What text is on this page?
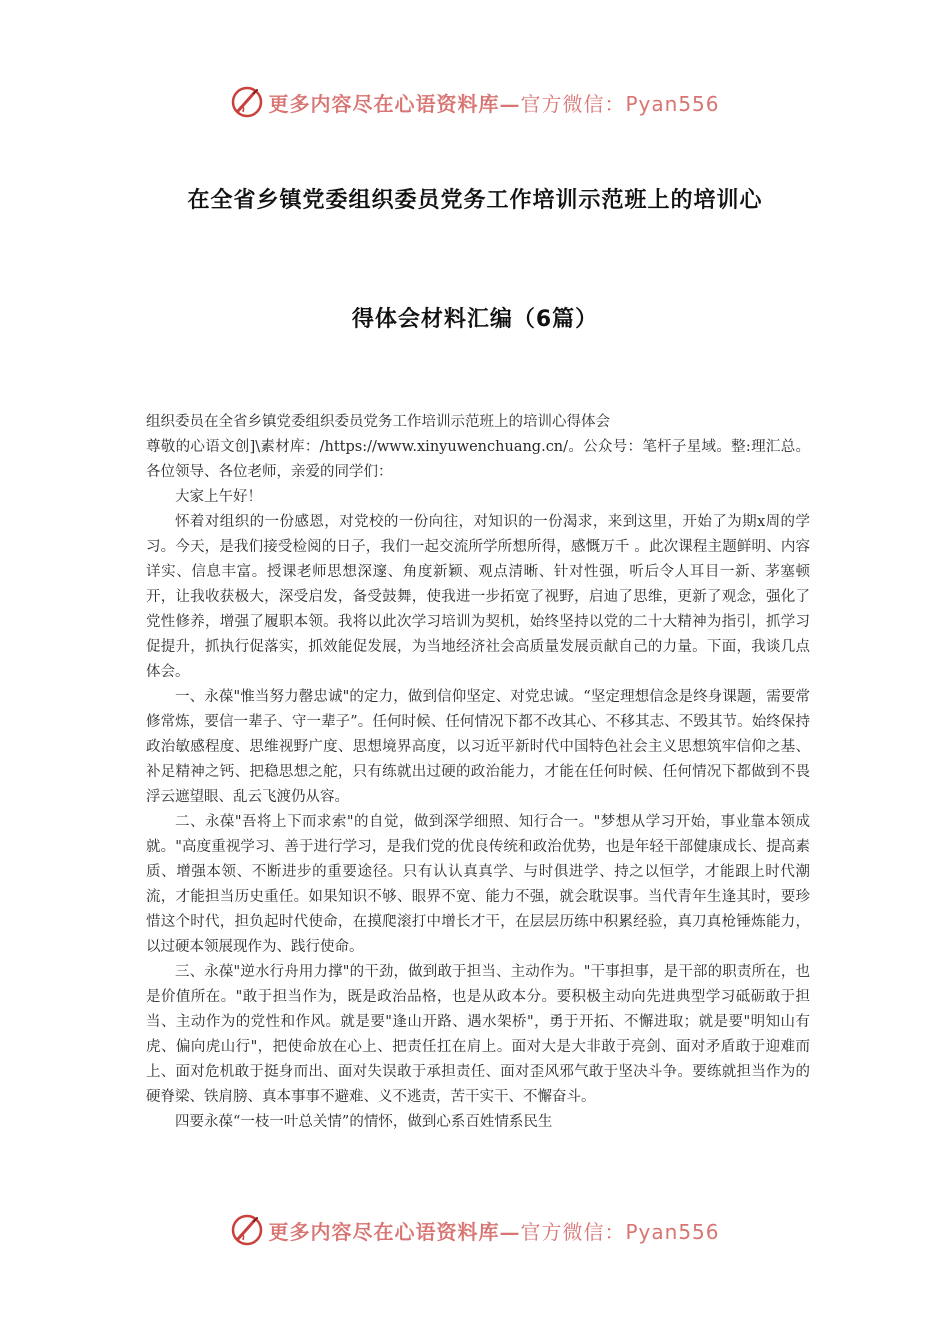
更多内容尽在心语资料库—官方微信：Pyan556
在全省乡镇党委组织委员党务工作培训示范班上的培训心
得体会材料汇编（6篇）

组织委员在全省乡镇党委组织委员党务工作培训示范班上的培训心得体会

尊敬的心语文创]\素材库：/https://www.xinyuwenchuang.cn/。公众号：笔杆子星域。整:理汇总。各位领导、各位老师，亲爱的同学们：

大家上午好！

怀着对组织的一份感恩，对党校的一份向往，对知识的一份渴求，来到这里，开始了为期x周的学习。今天，是我们接受检阅的日子，我们一起交流所学所想所得，感慨万千 。此次课程主题鲜明、内容详实、信息丰富。授课老师思想深邃、角度新颖、观点清晰、针对性强，听后令人耳目一新、茅塞顿开，让我收获极大，深受启发，备受鼓舞，使我进一步拓宽了视野，启迪了思维，更新了观念，强化了党性修养，增强了履职本领。我将以此次学习培训为契机，始终坚持以党的二十大精神为指引，抓学习促提升，抓执行促落实，抓效能促发展，为当地经济社会高质量发展贡献自己的力量。下面，我谈几点体会。

一、永葆"惟当努力罄忠诚"的定力，做到信仰坚定、对党忠诚。“坚定理想信念是终身课题，需要常修常炼，要信一辈子、守一辈子”。任何时候、任何情况下都不改其心、不移其志、不毁其节。始终保持政治敏感程度、思维视野广度、思想境界高度，以习近平新时代中国特色社会主义思想筑牢信仰之基、补足精神之钙、把稳思想之舵，只有练就出过硬的政治能力，才能在任何时候、任何情况下都做到不畏浮云遮望眼、乱云飞渡仍从容。

二、永葆"吾将上下而求索"的自觉，做到深学细照、知行合一。"梦想从学习开始，事业靠本领成就。"高度重视学习、善于进行学习，是我们党的优良传统和政治优势，也是年轻干部健康成长、提高素质、增强本领、不断进步的重要途径。只有认认真真学、与时俱进学、持之以恒学，才能跟上时代潮流，才能担当历史重任。如果知识不够、眼界不宽、能力不强，就会耽误事。当代青年生逢其时，要珍惜这个时代，担负起时代使命，在摸爬滚打中增长才干，在层层历练中积累经验，真刀真枪锤炼能力，以过硬本领展现作为、践行使命。

三、永葆"逆水行舟用力撑"的干劲，做到敢于担当、主动作为。"干事担事，是干部的职责所在，也是价值所在。"敢于担当作为，既是政治品格，也是从政本分。要积极主动向先进典型学习砥砺敢于担当、主动作为的党性和作风。就是要"逢山开路、遇水架桥"，勇于开拓、不懈进取；就是要"明知山有虎、偏向虎山行"，把使命放在心上、把责任扛在肩上。面对大是大非敢于亮剑、面对矛盾敢于迎难而上、面对危机敢于挺身而出、面对失误敢于承担责任、面对歪风邪气敢于坚决斗争。要练就担当作为的硬脊梁、铁肩膀、真本事事不避难、义不逃责，苦干实干、不懈奋斗。

四要永葆“一枝一叶总关情”的情怀，做到心系百姓情系民生

更多内容尽在心语资料库—官方微信：Pyan556
